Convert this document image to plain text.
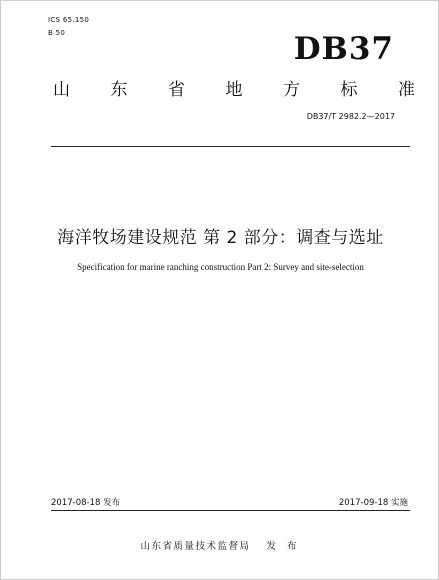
ICS 65.150
B 50	DB37
山 东 省 地 方 标 准
DB37/T 2982.2—2017
海洋牧场建设规范 第 2 部分：调查与选址
Specification for marine ranching construction Part 2: Survey and site-selection
2017-08-18 发布	2017-09-18 实施
山东省质量技术监督局 发 布
